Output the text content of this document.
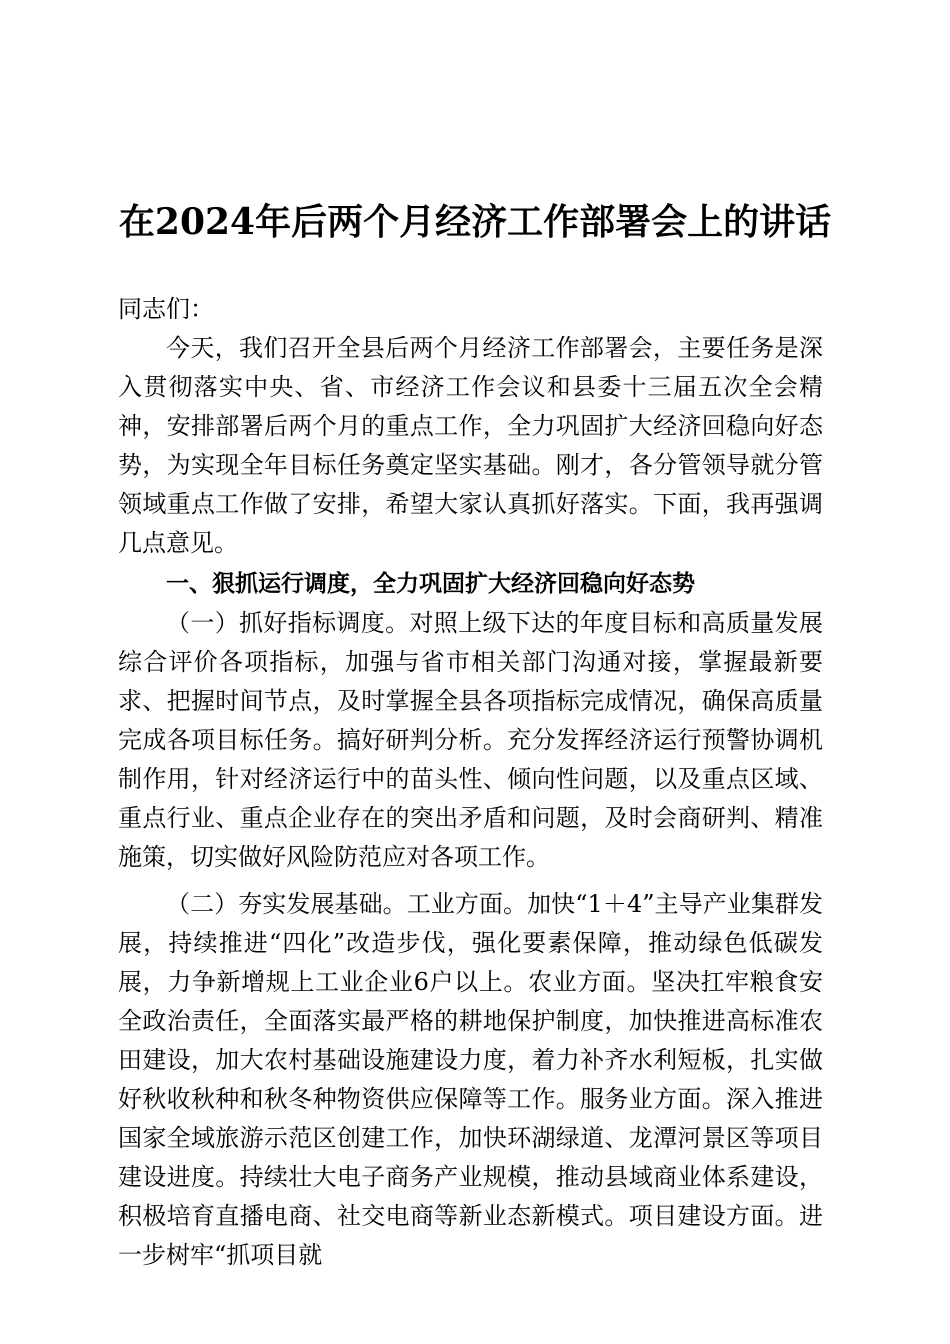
在2024年后两个月经济工作部署会上的讲话

同志们：

今天，我们召开全县后两个月经济工作部署会，主要任务是深入贯彻落实中央、省、市经济工作会议和县委十三届五次全会精神，安排部署后两个月的重点工作，全力巩固扩大经济回稳向好态势，为实现全年目标任务奠定坚实基础。刚才，各分管领导就分管领域重点工作做了安排，希望大家认真抓好落实。下面，我再强调几点意见。

一、狠抓运行调度，全力巩固扩大经济回稳向好态势

（一）抓好指标调度。对照上级下达的年度目标和高质量发展综合评价各项指标，加强与省市相关部门沟通对接，掌握最新要求、把握时间节点，及时掌握全县各项指标完成情况，确保高质量完成各项目标任务。搞好研判分析。充分发挥经济运行预警协调机制作用，针对经济运行中的苗头性、倾向性问题，以及重点区域、重点行业、重点企业存在的突出矛盾和问题，及时会商研判、精准施策，切实做好风险防范应对各项工作。

（二）夯实发展基础。工业方面。加快“1＋4”主导产业集群发展，持续推进“四化”改造步伐，强化要素保障，推动绿色低碳发展，力争新增规上工业企业6户以上。农业方面。坚决扛牢粮食安全政治责任，全面落实最严格的耕地保护制度，加快推进高标准农田建设，加大农村基础设施建设力度，着力补齐水利短板，扎实做好秋收秋种和秋冬种物资供应保障等工作。服务业方面。深入推进国家全域旅游示范区创建工作，加快环湖绿道、龙潭河景区等项目建设进度。持续壮大电子商务产业规模，推动县域商业体系建设，积极培育直播电商、社交电商等新业态新模式。项目建设方面。进一步树牢“抓项目就
